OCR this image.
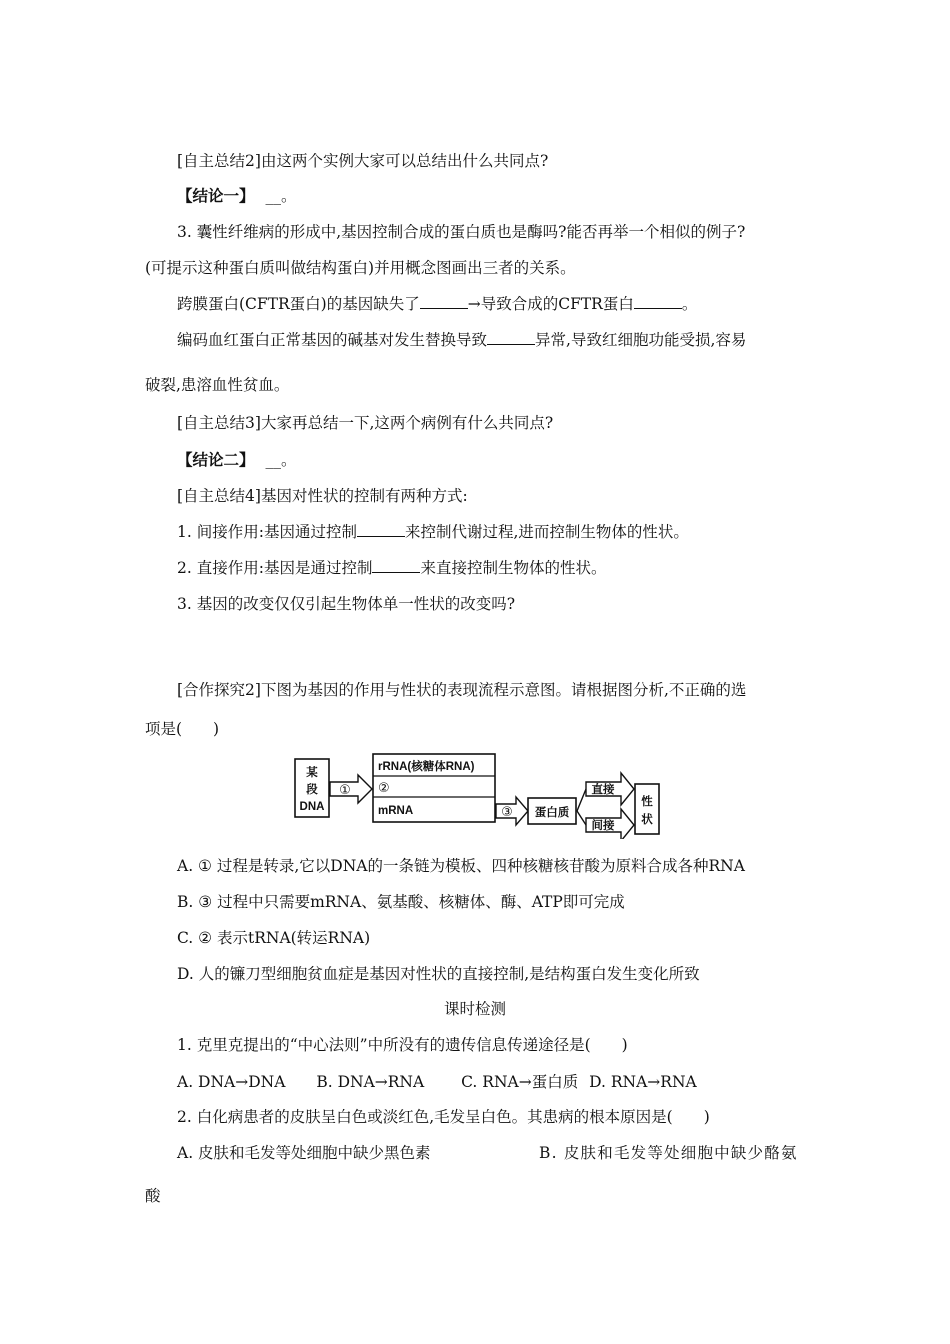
[自主总结2]由这两个实例大家可以总结出什么共同点?
【结论一】 __。
3. 囊性纤维病的形成中,基因控制合成的蛋白质也是酶吗?能否再举一个相似的例子?
(可提示这种蛋白质叫做结构蛋白)并用概念图画出三者的关系。
跨膜蛋白(CFTR蛋白)的基因缺失了	→导致合成的CFTR蛋白	。
编码血红蛋白正常基因的碱基对发生替换导致	异常,导致红细胞功能受损,容易
破裂,患溶血性贫血。
[自主总结3]大家再总结一下,这两个病例有什么共同点?
【结论二】 __。
[自主总结4]基因对性状的控制有两种方式:
1. 间接作用:基因通过控制	来控制代谢过程,进而控制生物体的性状。
2. 直接作用:基因是通过控制	来直接控制生物体的性状。
3. 基因的改变仅仅引起生物体单一性状的改变吗?
[合作探究2]下图为基因的作用与性状的表现流程示意图。请根据图分析,不正确的选
项是(　　)
某
段
DNA
①
rRNA(核糖体RNA)
②
mRNA	③ 蛋白质
直接
间接
性
状
A. ① 过程是转录,它以DNA的一条链为模板、四种核糖核苷酸为原料合成各种RNA
B. ③ 过程中只需要mRNA、氨基酸、核糖体、酶、ATP即可完成
C. ② 表示tRNA(转运RNA)
D. 人的镰刀型细胞贫血症是基因对性状的直接控制,是结构蛋白发生变化所致
课时检测
1. 克里克提出的“中心法则”中所没有的遗传信息传递途径是(　　)
A. DNA→DNA B. DNA→RNA C. RNA→蛋白质 D. RNA→RNA
2. 白化病患者的皮肤呈白色或淡红色,毛发呈白色。其患病的根本原因是(　　)
A. 皮肤和毛发等处细胞中缺少黑色素	B. 皮肤和毛发等处细胞中缺少酪氨
酸
